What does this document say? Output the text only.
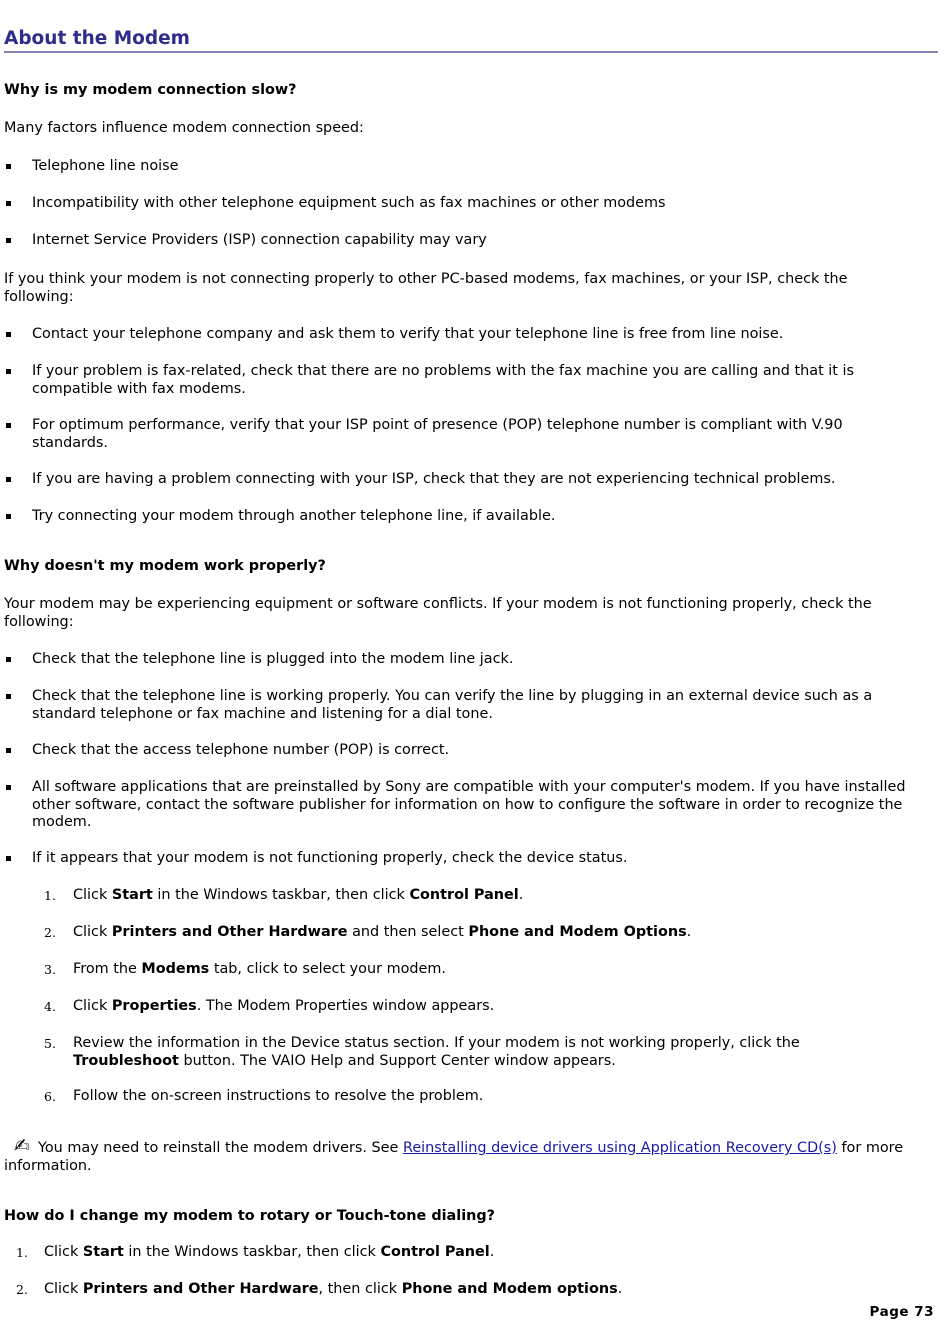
About the Modem

Why is my modem connection slow?

Many factors influence modem connection speed:

Telephone line noise

Incompatibility with other telephone equipment such as fax machines or other modems

Internet Service Providers (ISP) connection capability may vary

If you think your modem is not connecting properly to other PC-based modems, fax machines, or your ISP, check the following:

Contact your telephone company and ask them to verify that your telephone line is free from line noise.

If your problem is fax-related, check that there are no problems with the fax machine you are calling and that it is compatible with fax modems.

For optimum performance, verify that your ISP point of presence (POP) telephone number is compliant with V.90 standards.

If you are having a problem connecting with your ISP, check that they are not experiencing technical problems.

Try connecting your modem through another telephone line, if available.

Why doesn't my modem work properly?

Your modem may be experiencing equipment or software conflicts. If your modem is not functioning properly, check the following:

Check that the telephone line is plugged into the modem line jack.

Check that the telephone line is working properly. You can verify the line by plugging in an external device such as a standard telephone or fax machine and listening for a dial tone.

Check that the access telephone number (POP) is correct.

All software applications that are preinstalled by Sony are compatible with your computer's modem. If you have installed other software, contact the software publisher for information on how to configure the software in order to recognize the modem.

If it appears that your modem is not functioning properly, check the device status.

1. Click Start in the Windows taskbar, then click Control Panel.

2. Click Printers and Other Hardware and then select Phone and Modem Options.

3. From the Modems tab, click to select your modem.

4. Click Properties. The Modem Properties window appears.

5. Review the information in the Device status section. If your modem is not working properly, click the Troubleshoot button. The VAIO Help and Support Center window appears.

6. Follow the on-screen instructions to resolve the problem.

✍ You may need to reinstall the modem drivers. See Reinstalling device drivers using Application Recovery CD(s) for more information.

How do I change my modem to rotary or Touch-tone dialing?

1. Click Start in the Windows taskbar, then click Control Panel.

2. Click Printers and Other Hardware, then click Phone and Modem options.

Page 73
